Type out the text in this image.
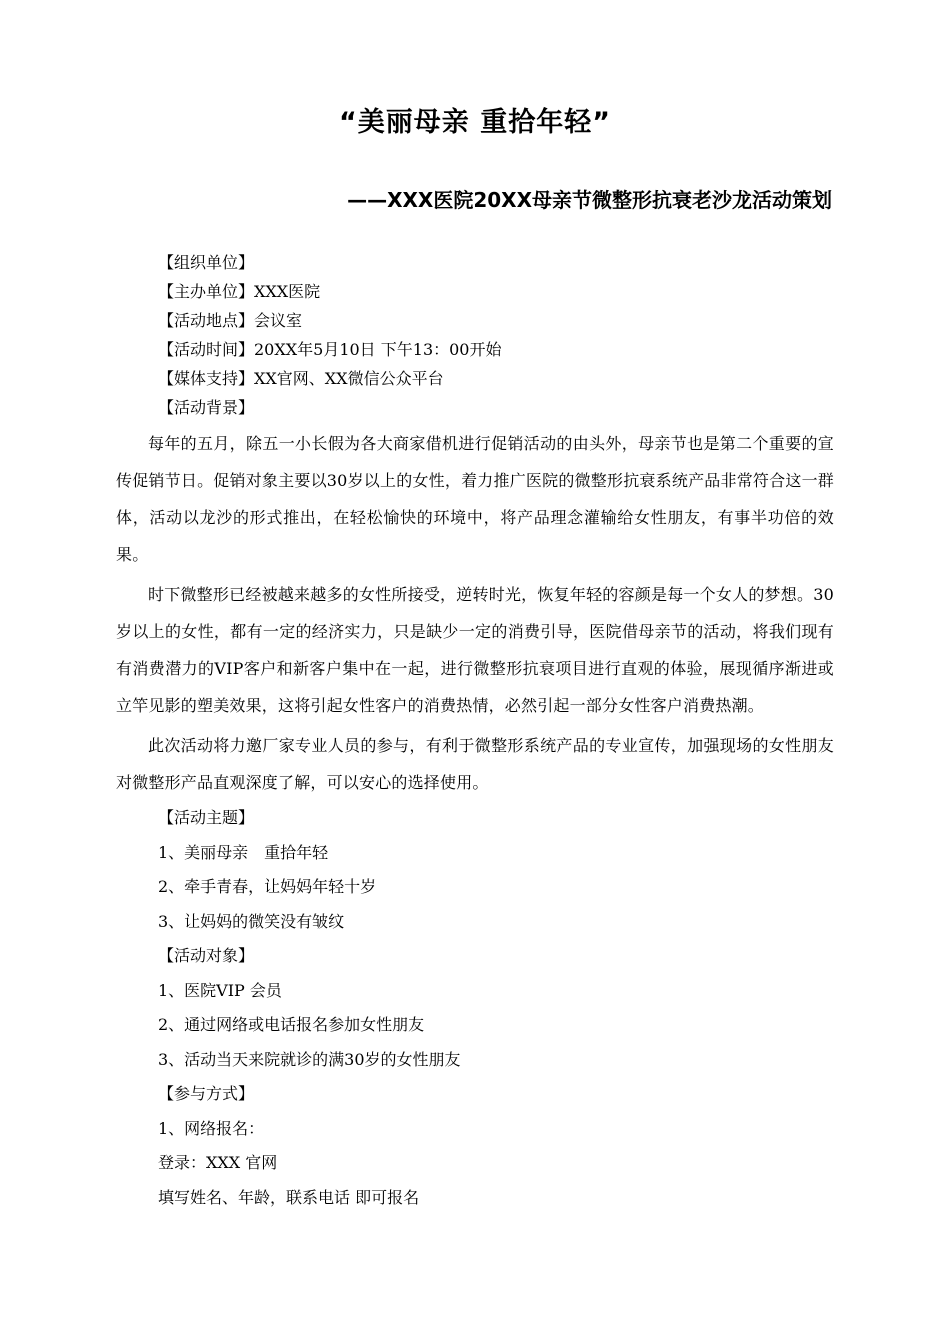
“美丽母亲 重拾年轻”
——XXX医院20XX母亲节微整形抗衰老沙龙活动策划
【组织单位】
【主办单位】XXX医院
【活动地点】会议室
【活动时间】20XX年5月10日 下午13：00开始
【媒体支持】XX官网、XX微信公众平台
【活动背景】

每年的五月，除五一小长假为各大商家借机进行促销活动的由头外，母亲节也是第二个重要的宣传促销节日。促销对象主要以30岁以上的女性，着力推广医院的微整形抗衰系统产品非常符合这一群体，活动以龙沙的形式推出，在轻松愉快的环境中，将产品理念灌输给女性朋友，有事半功倍的效果。

时下微整形已经被越来越多的女性所接受，逆转时光，恢复年轻的容颜是每一个女人的梦想。30岁以上的女性，都有一定的经济实力，只是缺少一定的消费引导，医院借母亲节的活动，将我们现有有消费潜力的VIP客户和新客户集中在一起，进行微整形抗衰项目进行直观的体验，展现循序渐进或立竿见影的塑美效果，这将引起女性客户的消费热情，必然引起一部分女性客户消费热潮。

此次活动将力邀厂家专业人员的参与，有利于微整形系统产品的专业宣传，加强现场的女性朋友对微整形产品直观深度了解，可以安心的选择使用。

【活动主题】
1、美丽母亲　重拾年轻
2、牵手青春，让妈妈年轻十岁
3、让妈妈的微笑没有皱纹
【活动对象】
1、医院VIP 会员
2、通过网络或电话报名参加女性朋友
3、活动当天来院就诊的满30岁的女性朋友
【参与方式】
1、网络报名：
登录：XXX 官网
填写姓名、年龄，联系电话 即可报名
